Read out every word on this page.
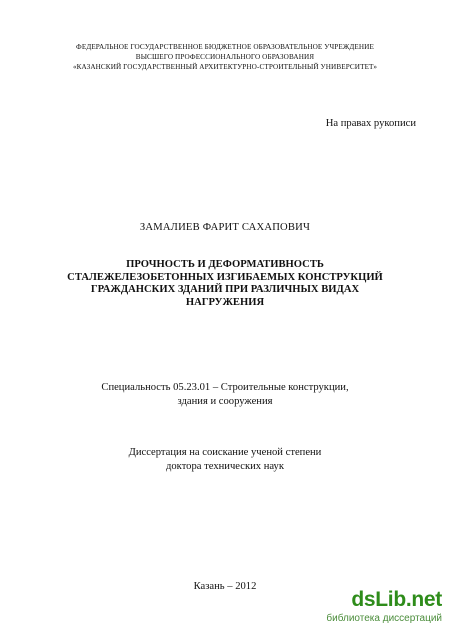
ФЕДЕРАЛЬНОЕ ГОСУДАРСТВЕННОЕ БЮДЖЕТНОЕ ОБРАЗОВАТЕЛЬНОЕ УЧРЕЖДЕНИЕ
ВЫСШЕГО ПРОФЕССИОНАЛЬНОГО ОБРАЗОВАНИЯ
«КАЗАНСКИЙ ГОСУДАРСТВЕННЫЙ АРХИТЕКТУРНО-СТРОИТЕЛЬНЫЙ УНИВЕРСИТЕТ»
На правах рукописи
ЗАМАЛИЕВ ФАРИТ САХАПОВИЧ
ПРОЧНОСТЬ И ДЕФОРМАТИВНОСТЬ
СТАЛЕЖЕЛЕЗОБЕТОННЫХ ИЗГИБАЕМЫХ КОНСТРУКЦИЙ
ГРАЖДАНСКИХ ЗДАНИЙ ПРИ РАЗЛИЧНЫХ ВИДАХ
НАГРУЖЕНИЯ
Специальность 05.23.01 – Строительные конструкции,
здания и сооружения
Диссертация на соискание ученой степени
доктора технических наук
Казань – 2012
dsLib.net
библиотека диссертаций
